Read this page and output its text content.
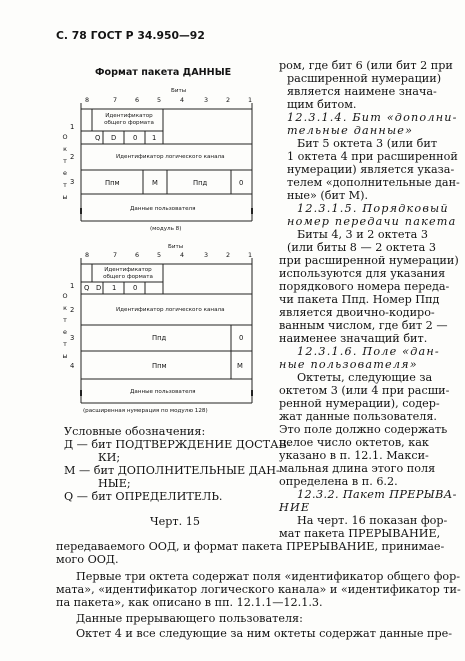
С. 78 ГОСТ Р 34.950—92
Формат пакета ДАННЫЕ
Биты
8	7	6	5	4	3	2	1
О
к
т
е
т
ы
1
2
3
Идентификатор общего формата
Q D 0 1
Идентификатор логического канала
Ппм	М	Ппд	0
Данные пользователя
(модуль 8)
Биты
8	7	6	5	4	3	2	1
О
к
т
е
т
ы
1
2
3
4
Идентификатор общего формата
Q D 1 0
Идентификатор логического канала
Ппд	0
Ппм	М
Данные пользователя
(расширенная нумерация по модулю 128)
Условные обозначения:
Д — бит ПОДТВЕРЖДЕНИЕ ДОСТАВ-
КИ;
М — бит ДОПОЛНИТЕЛЬНЫЕ ДАН-
НЫЕ;
Q — бит ОПРЕДЕЛИТЕЛЬ.
Черт. 15
ром, где бит 6 (или бит 2 при
расширенной нумерации)
является наимене значa-
щим битом.
12.3.1.4. Бит «дополни-
тельные данные»
Бит 5 октета 3 (или бит
1 октета 4 при расширенной
нумерации) является указа-
телем «дополнительные дан-
ные» (бит М).
12.3.1.5. Порядковый
номер передачи пакета
Биты 4, 3 и 2 октета 3
(или биты 8 — 2 октета 3
при расширенной нумерации)
используются для указания
порядкового номера переда-
чи пакета Ппд. Номер Ппд
является двоично-кодиро-
ванным числом, где бит 2 —
наименее значащий бит.
12.3.1.6. Поле «дан-
ные пользователя»
Октеты, следующие за
октетом 3 (или 4 при расши-
ренной нумерации), содер-
жат данные пользователя.
Это поле должно содержать
целое число октетов, как
указано в п. 12.1. Макси-
мальная длина этого поля
определена в п. 6.2.
12.3.2. Пакет ПРЕРЫВА-
НИЕ
На черт. 16 показан фор-
мат пакета ПРЕРЫВАНИЕ,
передаваемого ООД, и формат пакета ПРЕРЫВАНИЕ, принимае-
мого ООД.
Первые три октета содержат поля «идентификатор общего фор-
мата», «идентификатор логического канала» и «идентификатор ти-
па пакета», как описано в пп. 12.1.1—12.1.3.
Данные прерывающего пользователя:
Октет 4 и все следующие за ним октеты содержат данные пре-
